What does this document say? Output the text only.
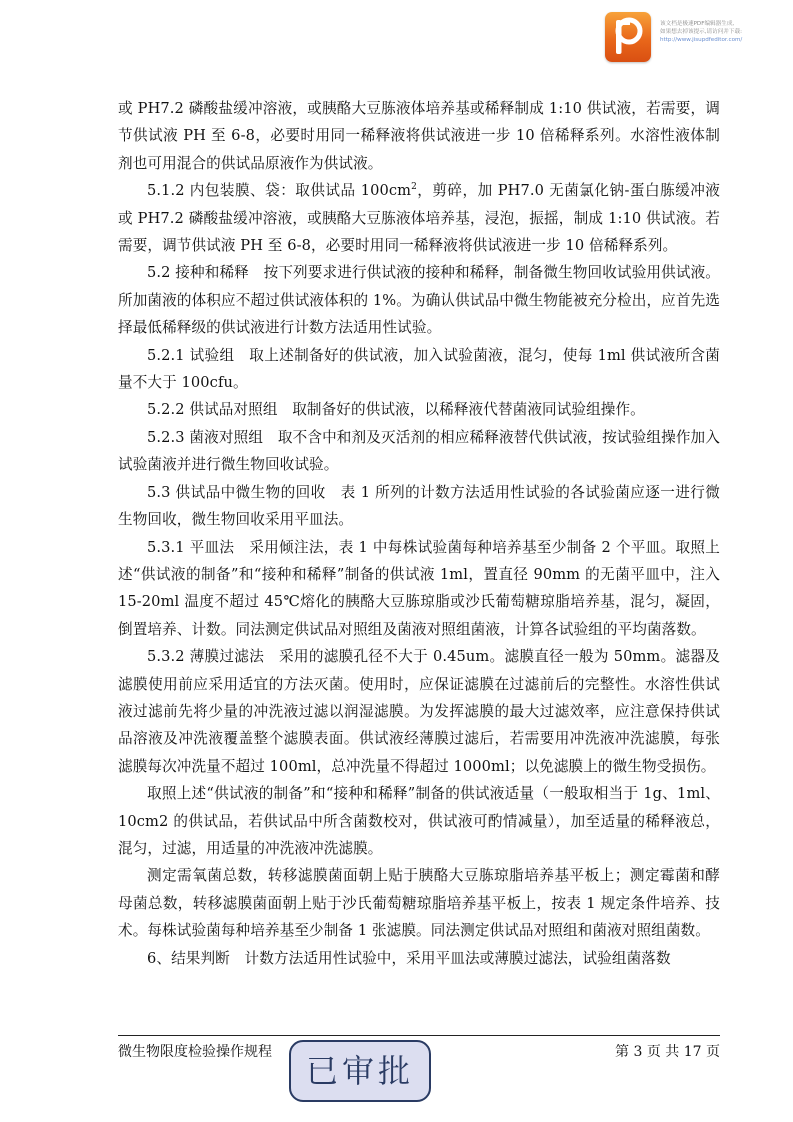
该文档是极速PDF编辑器生成,
如果想去掉该提示,请访问并下载:
http://www.jisupdfeditor.com/

或 PH7.2 磷酸盐缓冲溶液，或胰酪大豆胨液体培养基或稀释制成 1:10 供试液，若需要，调节供试液 PH 至 6-8，必要时用同一稀释液将供试液进一步 10 倍稀释系列。水溶性液体制剂也可用混合的供试品原液作为供试液。

5.1.2 内包装膜、袋：取供试品 $100cm^2$，剪碎，加 PH7.0 无菌氯化钠-蛋白胨缓冲液或 PH7.2 磷酸盐缓冲溶液，或胰酪大豆胨液体培养基，浸泡，振摇，制成 1:10 供试液。若需要，调节供试液 PH 至 6-8，必要时用同一稀释液将供试液进一步 10 倍稀释系列。

5.2 接种和稀释　按下列要求进行供试液的接种和稀释，制备微生物回收试验用供试液。所加菌液的体积应不超过供试液体积的 1%。为确认供试品中微生物能被充分检出，应首先选择最低稀释级的供试液进行计数方法适用性试验。

5.2.1 试验组　取上述制备好的供试液，加入试验菌液，混匀，使每 1ml 供试液所含菌量不大于 100cfu。

5.2.2 供试品对照组　取制备好的供试液，以稀释液代替菌液同试验组操作。

5.2.3 菌液对照组　取不含中和剂及灭活剂的相应稀释液替代供试液，按试验组操作加入试验菌液并进行微生物回收试验。

5.3 供试品中微生物的回收　表 1 所列的计数方法适用性试验的各试验菌应逐一进行微生物回收，微生物回收采用平皿法。

5.3.1 平皿法　采用倾注法，表 1 中每株试验菌每种培养基至少制备 2 个平皿。取照上述“供试液的制备”和“接种和稀释”制备的供试液 1ml，置直径 90mm 的无菌平皿中，注入 15-20ml 温度不超过 45℃熔化的胰酪大豆胨琼脂或沙氏葡萄糖琼脂培养基，混匀，凝固，倒置培养、计数。同法测定供试品对照组及菌液对照组菌液，计算各试验组的平均菌落数。

5.3.2 薄膜过滤法　采用的滤膜孔径不大于 0.45um。滤膜直径一般为 50mm。滤器及滤膜使用前应采用适宜的方法灭菌。使用时，应保证滤膜在过滤前后的完整性。水溶性供试液过滤前先将少量的冲洗液过滤以润湿滤膜。为发挥滤膜的最大过滤效率，应注意保持供试品溶液及冲洗液覆盖整个滤膜表面。供试液经薄膜过滤后，若需要用冲洗液冲洗滤膜，每张滤膜每次冲洗量不超过 100ml，总冲洗量不得超过 1000ml；以免滤膜上的微生物受损伤。

取照上述“供试液的制备”和“接种和稀释”制备的供试液适量（一般取相当于 1g、1ml、10cm2 的供试品，若供试品中所含菌数校对，供试液可酌情减量），加至适量的稀释液总，混匀，过滤，用适量的冲洗液冲洗滤膜。

测定需氧菌总数，转移滤膜菌面朝上贴于胰酪大豆胨琼脂培养基平板上；测定霉菌和酵母菌总数，转移滤膜菌面朝上贴于沙氏葡萄糖琼脂培养基平板上，按表 1 规定条件培养、技术。每株试验菌每种培养基至少制备 1 张滤膜。同法测定供试品对照组和菌液对照组菌数。

6、结果判断　计数方法适用性试验中，采用平皿法或薄膜过滤法，试验组菌落数

微生物限度检验操作规程	第 3 页 共 17 页
已审批
